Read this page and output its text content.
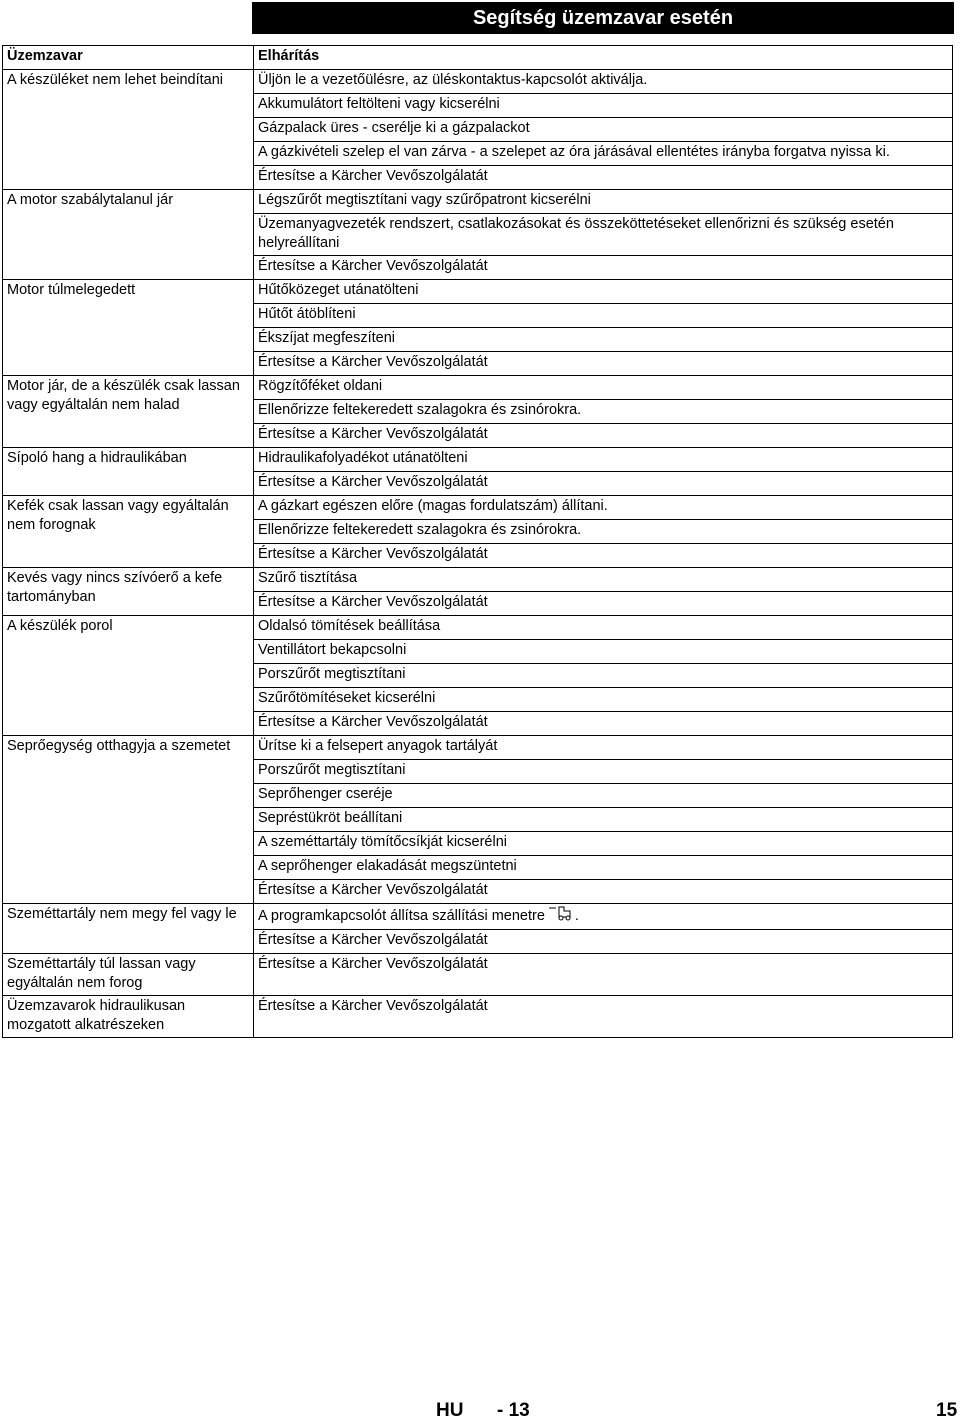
Segítség üzemzavar esetén
Üzemzavar	Elhárítás
A készüléket nem lehet beindítani	Üljön le a vezetőülésre, az üléskontaktus-kapcsolót aktiválja.
	Akkumulátort feltölteni vagy kicserélni
	Gázpalack üres - cserélje ki a gázpalackot
	A gázkivételi szelep el van zárva - a szelepet az óra járásával ellentétes irányba forgatva nyissa ki.
	Értesítse a Kärcher Vevőszolgálatát
A motor szabálytalanul jár	Légszűrőt megtisztítani vagy szűrőpatront kicserélni
	Üzemanyagvezeték rendszert, csatlakozásokat és összeköttetéseket ellenőrizni és szükség esetén helyreállítani
	Értesítse a Kärcher Vevőszolgálatát
Motor túlmelegedett	Hűtőközeget utánatölteni
	Hűtőt átöblíteni
	Ékszíjat megfeszíteni
	Értesítse a Kärcher Vevőszolgálatát
Motor jár, de a készülék csak lassan vagy egyáltalán nem halad	Rögzítőféket oldani
	Ellenőrizze feltekeredett szalagokra és zsinórokra.
	Értesítse a Kärcher Vevőszolgálatát
Sípoló hang a hidraulikában	Hidraulikafolyadékot utánatölteni
	Értesítse a Kärcher Vevőszolgálatát
Kefék csak lassan vagy egyáltalán nem forognak	A gázkart egészen előre (magas fordulatszám) állítani.
	Ellenőrizze feltekeredett szalagokra és zsinórokra.
	Értesítse a Kärcher Vevőszolgálatát
Kevés vagy nincs szívóerő a kefe tartományban	Szűrő tisztítása
	Értesítse a Kärcher Vevőszolgálatát
A készülék porol	Oldalsó tömítések beállítása
	Ventillátort bekapcsolni
	Porszűrőt megtisztítani
	Szűrőtömítéseket kicserélni
	Értesítse a Kärcher Vevőszolgálatát
Seprőegység otthagyja a szemetet	Ürítse ki a felsepert anyagok tartályát
	Porszűrőt megtisztítani
	Seprőhenger cseréje
	Sepréstükröt beállítani
	A szeméttartály tömítőcsíkját kicserélni
	A seprőhenger elakadását megszüntetni
	Értesítse a Kärcher Vevőszolgálatát
Szeméttartály nem megy fel vagy le	A programkapcsolót állítsa szállítási menetre .
	Értesítse a Kärcher Vevőszolgálatát
Szeméttartály túl lassan vagy egyáltalán nem forog	Értesítse a Kärcher Vevőszolgálatát
Üzemzavarok hidraulikusan mozgatott alkatrészeken	Értesítse a Kärcher Vevőszolgálatát
HU - 13	15
